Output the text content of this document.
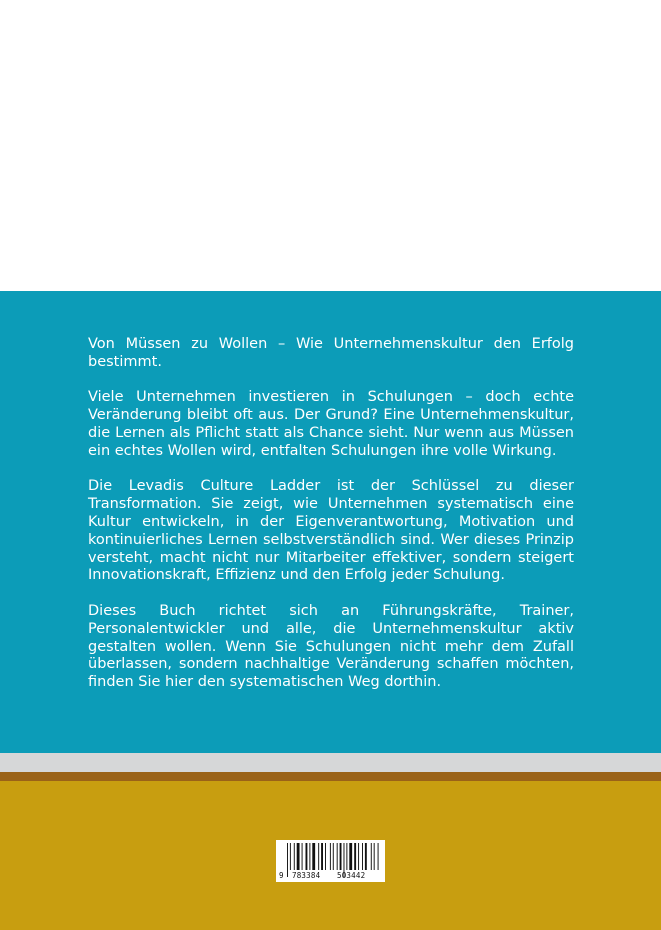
Von Müssen zu Wollen – Wie Unternehmenskultur den Erfolg bestimmt.

Viele Unternehmen investieren in Schulungen – doch echte Veränderung bleibt oft aus. Der Grund? Eine Unternehmenskultur, die Lernen als Pflicht statt als Chance sieht. Nur wenn aus Müssen ein echtes Wollen wird, entfalten Schulungen ihre volle Wirkung.

Die Levadis Culture Ladder ist der Schlüssel zu dieser Transformation. Sie zeigt, wie Unternehmen systematisch eine Kultur entwickeln, in der Eigenverantwortung, Motivation und kontinuierliches Lernen selbstverständlich sind. Wer dieses Prinzip versteht, macht nicht nur Mitarbeiter effektiver, sondern steigert Innovationskraft, Effizienz und den Erfolg jeder Schulung.

Dieses Buch richtet sich an Führungskräfte, Trainer, Personalentwickler und alle, die Unternehmenskultur aktiv gestalten wollen. Wenn Sie Schulungen nicht mehr dem Zufall überlassen, sondern nachhaltige Veränderung schaffen möchten, finden Sie hier den systematischen Weg dorthin.

9 783384 503442
